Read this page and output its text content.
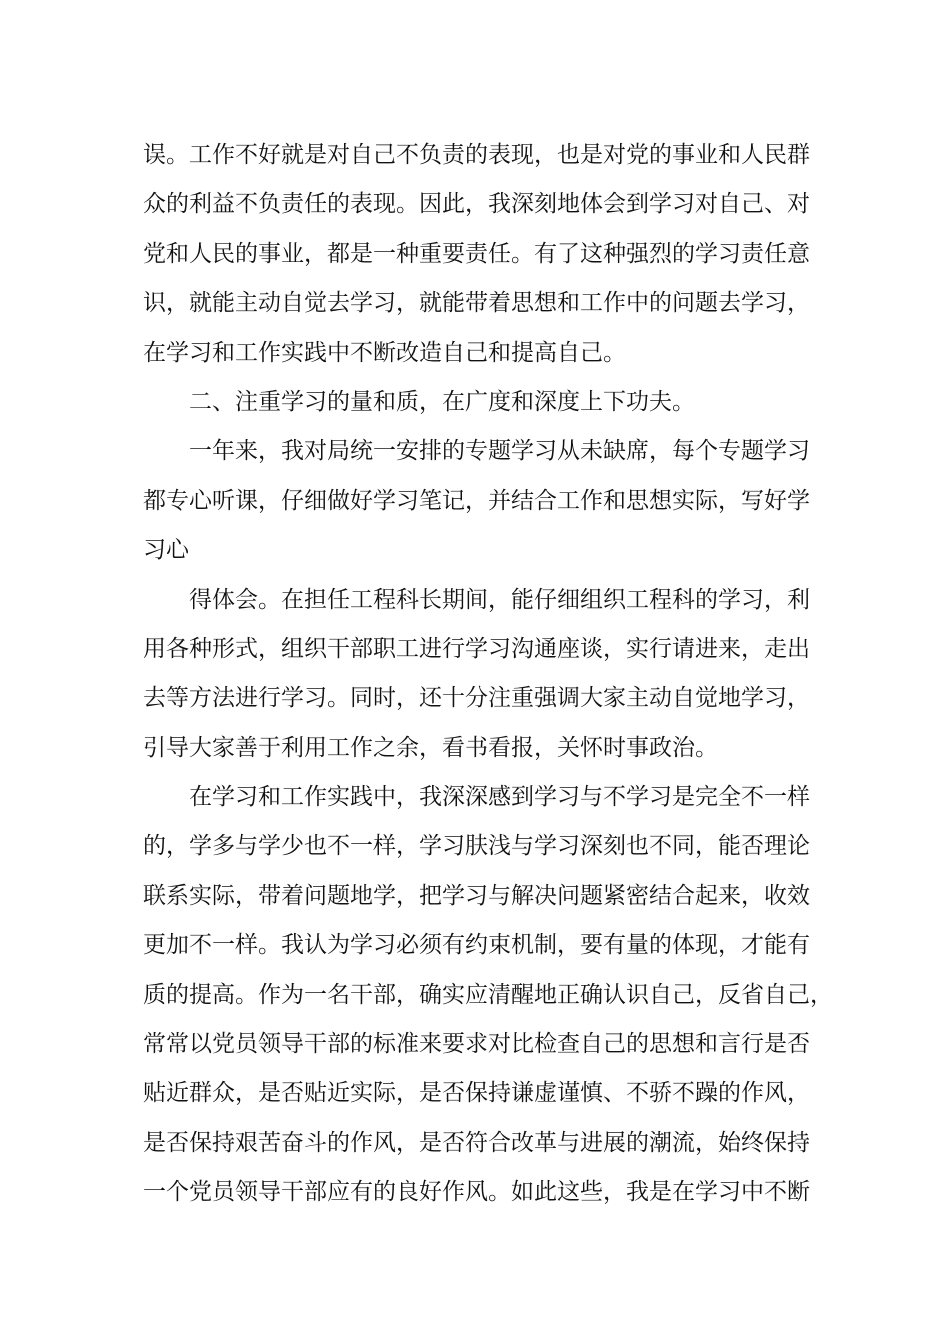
误。工作不好就是对自己不负责的表现，也是对党的事业和人民群
众的利益不负责任的表现。因此，我深刻地体会到学习对自己、对
党和人民的事业，都是一种重要责任。有了这种强烈的学习责任意
识，就能主动自觉去学习，就能带着思想和工作中的问题去学习，
在学习和工作实践中不断改造自己和提高自己。
二、注重学习的量和质，在广度和深度上下功夫。
一年来，我对局统一安排的专题学习从未缺席，每个专题学习
都专心听课，仔细做好学习笔记，并结合工作和思想实际，写好学
习心
得体会。在担任工程科长期间，能仔细组织工程科的学习，利
用各种形式，组织干部职工进行学习沟通座谈，实行请进来，走出
去等方法进行学习。同时，还十分注重强调大家主动自觉地学习，
引导大家善于利用工作之余，看书看报，关怀时事政治。
在学习和工作实践中，我深深感到学习与不学习是完全不一样
的，学多与学少也不一样，学习肤浅与学习深刻也不同，能否理论
联系实际，带着问题地学，把学习与解决问题紧密结合起来，收效
更加不一样。我认为学习必须有约束机制，要有量的体现，才能有
质的提高。作为一名干部，确实应清醒地正确认识自己，反省自己，
常常以党员领导干部的标准来要求对比检查自己的思想和言行是否
贴近群众，是否贴近实际，是否保持谦虚谨慎、不骄不躁的作风，
是否保持艰苦奋斗的作风，是否符合改革与进展的潮流，始终保持
一个党员领导干部应有的良好作风。如此这些，我是在学习中不断
